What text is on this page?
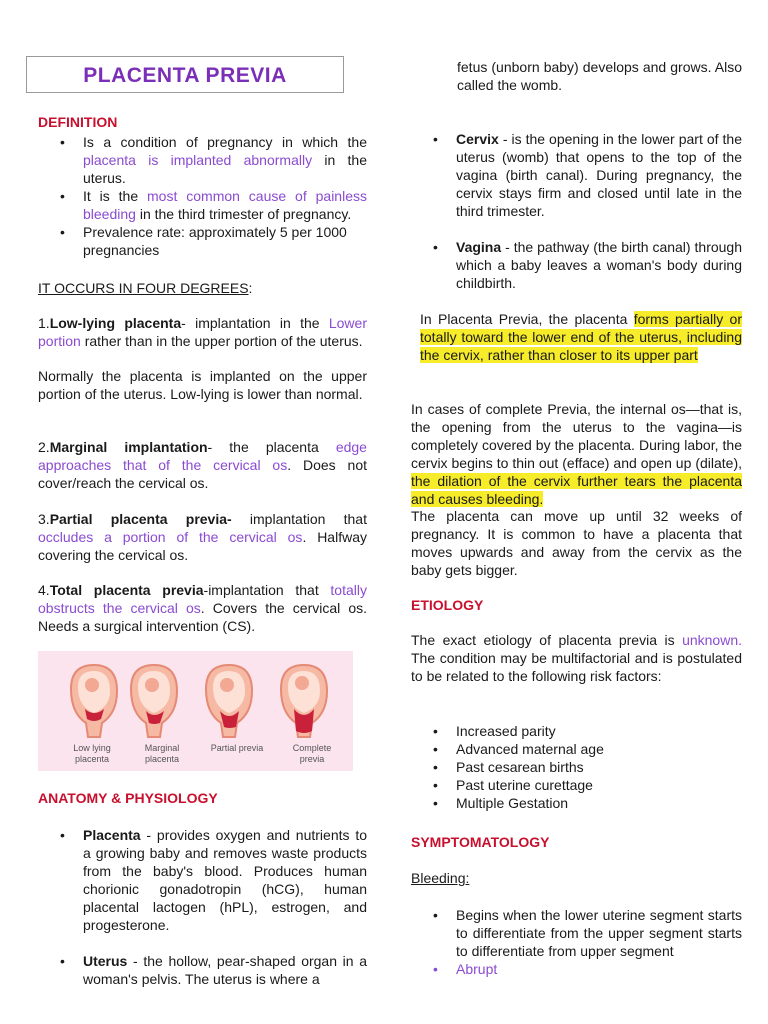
PLACENTA PREVIA
DEFINITION
• Is a condition of pregnancy in which the placenta is implanted abnormally in the uterus.
• It is the most common cause of painless bleeding in the third trimester of pregnancy.
• Prevalence rate: approximately 5 per 1000 pregnancies
IT OCCURS IN FOUR DEGREES:

1.Low-lying placenta- implantation in the Lower portion rather than in the upper portion of the uterus.

Normally the placenta is implanted on the upper portion of the uterus. Low-lying is lower than normal.

2.Marginal implantation- the placenta edge approaches that of the cervical os. Does not cover/reach the cervical os.

3.Partial placenta previa- implantation that occludes a portion of the cervical os. Halfway covering the cervical os.

4.Total placenta previa-implantation that totally obstructs the cervical os. Covers the cervical os. Needs a surgical intervention (CS).

ANATOMY & PHYSIOLOGY
• Placenta - provides oxygen and nutrients to a growing baby and removes waste products from the baby's blood. Produces human chorionic gonadotropin (hCG), human placental lactogen (hPL), estrogen, and progesterone.
• Uterus - the hollow, pear-shaped organ in a woman's pelvis. The uterus is where a
Low lying placenta
Marginal placenta
Partial previa	Complete previa

fetus (unborn baby) develops and grows. Also called the womb.

• Cervix - is the opening in the lower part of the uterus (womb) that opens to the top of the vagina (birth canal). During pregnancy, the cervix stays firm and closed until late in the third trimester.
• Vagina - the pathway (the birth canal) through which a baby leaves a woman's body during childbirth.

In Placenta Previa, the placenta forms partially or totally toward the lower end of the uterus, including the cervix, rather than closer to its upper part

In cases of complete Previa, the internal os—that is, the opening from the uterus to the vagina—is completely covered by the placenta. During labor, the cervix begins to thin out (efface) and open up (dilate), the dilation of the cervix further tears the placenta and causes bleeding.

The placenta can move up until 32 weeks of pregnancy. It is common to have a placenta that moves upwards and away from the cervix as the baby gets bigger.

ETIOLOGY

The exact etiology of placenta previa is unknown. The condition may be multifactorial and is postulated to be related to the following risk factors:

• Increased parity
• Advanced maternal age
• Past cesarean births
• Past uterine curettage
• Multiple Gestation
SYMPTOMATOLOGY
Bleeding:
• Begins when the lower uterine segment starts to differentiate from the upper segment starts to differentiate from upper segment
• Abrupt
